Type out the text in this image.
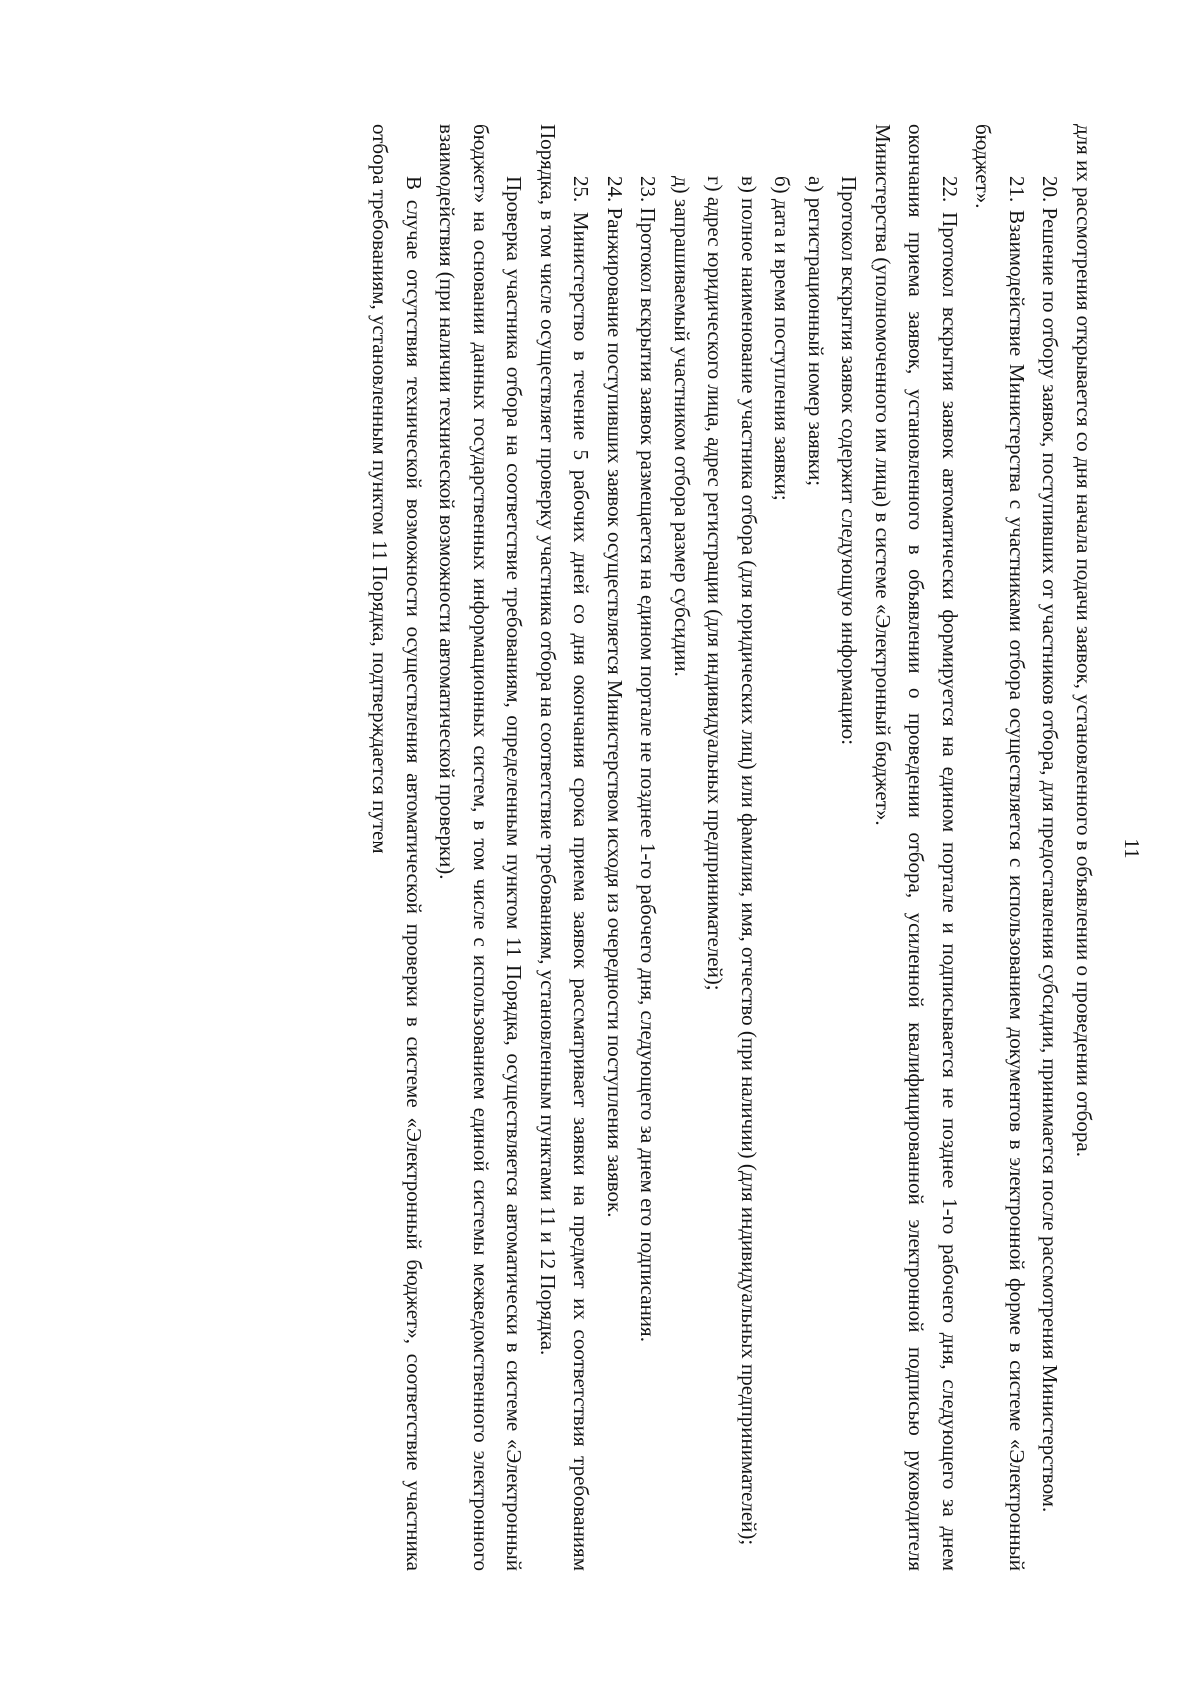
11

для их рассмотрения открывается со дня начала подачи заявок, установленного в объявлении о проведении отбора.

20. Решение по отбору заявок, поступивших от участников отбора, для предоставления субсидии, принимается после рассмотрения Министерством.

21. Взаимодействие Министерства с участниками отбора осуществляется с использованием документов в электронной форме в системе «Электронный бюджет».

22. Протокол вскрытия заявок автоматически формируется на едином портале и подписывается не позднее 1-го рабочего дня, следующего за днем окончания приема заявок, установленного в объявлении о проведении отбора, усиленной квалифицированной электронной подписью руководителя Министерства (уполномоченного им лица) в системе «Электронный бюджет».

Протокол вскрытия заявок содержит следующую информацию:

а) регистрационный номер заявки;

б) дата и время поступления заявки;

в) полное наименование участника отбора (для юридических лиц) или фамилия, имя, отчество (при наличии) (для индивидуальных предпринимателей);

г) адрес юридического лица, адрес регистрации (для индивидуальных предпринимателей);

д) запрашиваемый участником отбора размер субсидии.

23. Протокол вскрытия заявок размещается на едином портале не позднее 1-го рабочего дня, следующего за днем его подписания.

24. Ранжирование поступивших заявок осуществляется Министерством исходя из очередности поступления заявок.

25. Министерство в течение 5 рабочих дней со дня окончания срока приема заявок рассматривает заявки на предмет их соответствия требованиям Порядка, в том числе осуществляет проверку участника отбора на соответствие требованиям, установленным пунктами 11 и 12 Порядка.

Проверка участника отбора на соответствие требованиям, определенным пунктом 11 Порядка, осуществляется автоматически в системе «Электронный бюджет» на основании данных государственных информационных систем, в том числе с использованием единой системы межведомственного электронного взаимодействия (при наличии технической возможности автоматической проверки).

В случае отсутствия технической возможности осуществления автоматической проверки в системе «Электронный бюджет», соответствие участника отбора требованиям, установленным пунктом 11 Порядка, подтверждается путем
